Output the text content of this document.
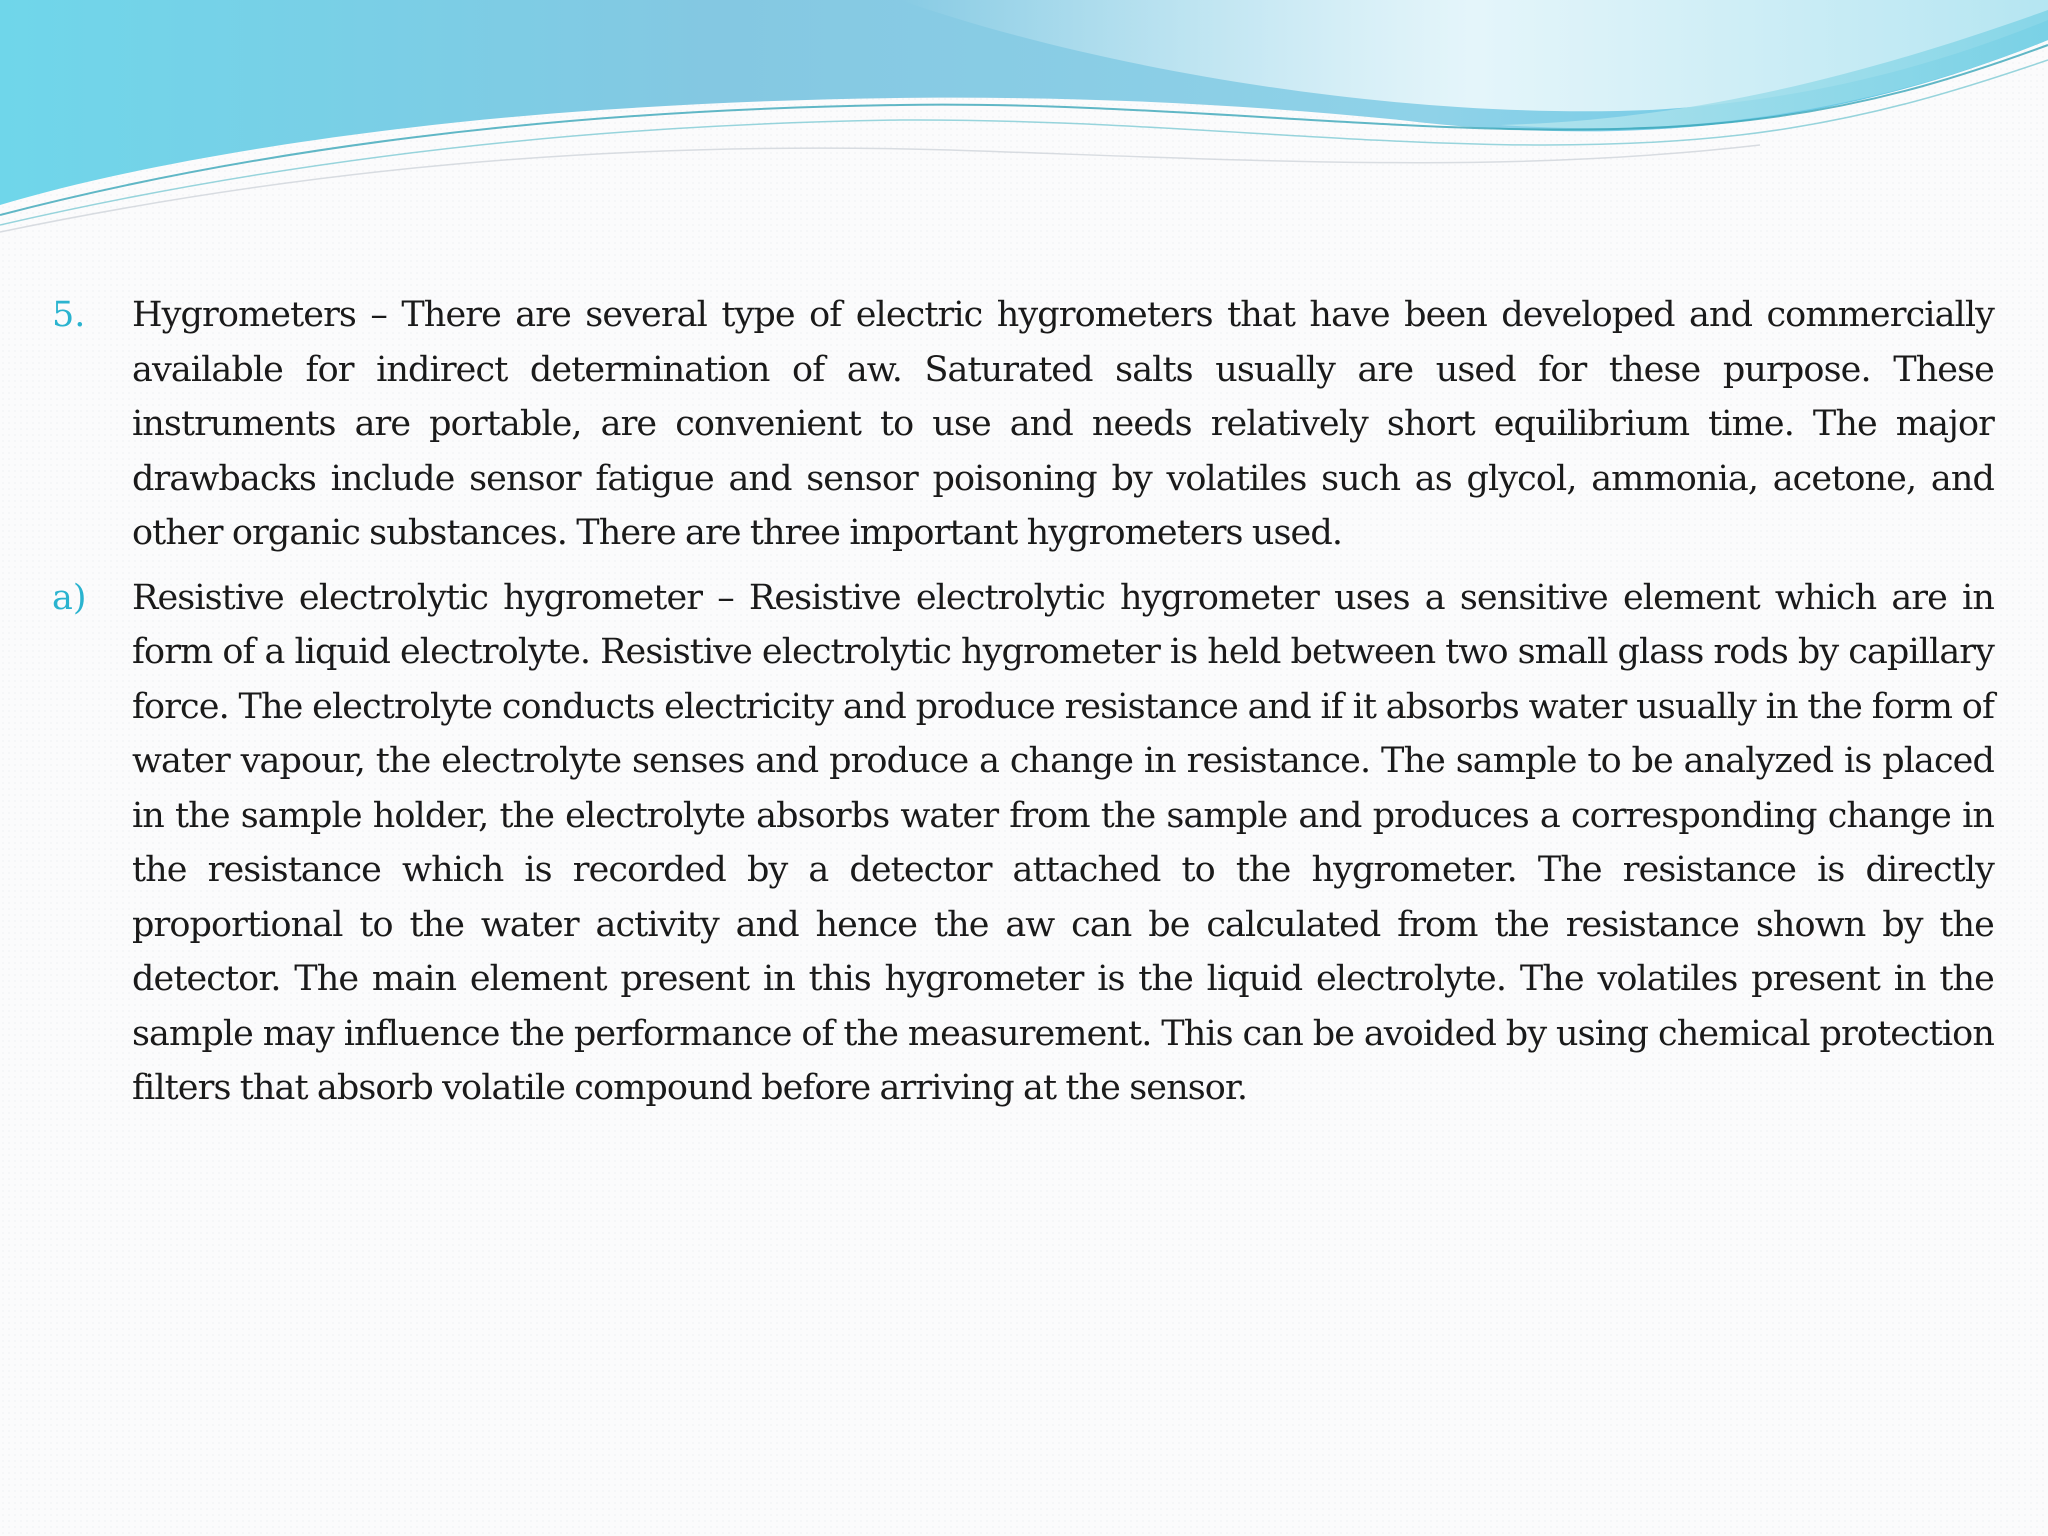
5.	Hygrometers – There are several type of electric hygrometers that have been developed and commercially available for indirect determination of aw. Saturated salts usually are used for these purpose. These instruments are portable, are convenient to use and needs relatively short equilibrium time. The major drawbacks include sensor fatigue and sensor poisoning by volatiles such as glycol, ammonia, acetone, and other organic substances. There are three important hygrometers used.
a)	Resistive electrolytic hygrometer – Resistive electrolytic hygrometer uses a sensitive element which are in form of a liquid electrolyte. Resistive electrolytic hygrometer is held between two small glass rods by capillary force. The electrolyte conducts electricity and produce resistance and if it absorbs water usually in the form of water vapour, the electrolyte senses and produce a change in resistance. The sample to be analyzed is placed in the sample holder, the electrolyte absorbs water from the sample and produces a corresponding change in the resistance which is recorded by a detector attached to the hygrometer. The resistance is directly proportional to the water activity and hence the aw can be calculated from the resistance shown by the detector. The main element present in this hygrometer is the liquid electrolyte. The volatiles present in the sample may influence the performance of the measurement. This can be avoided by using chemical protection filters that absorb volatile compound before arriving at the sensor.
